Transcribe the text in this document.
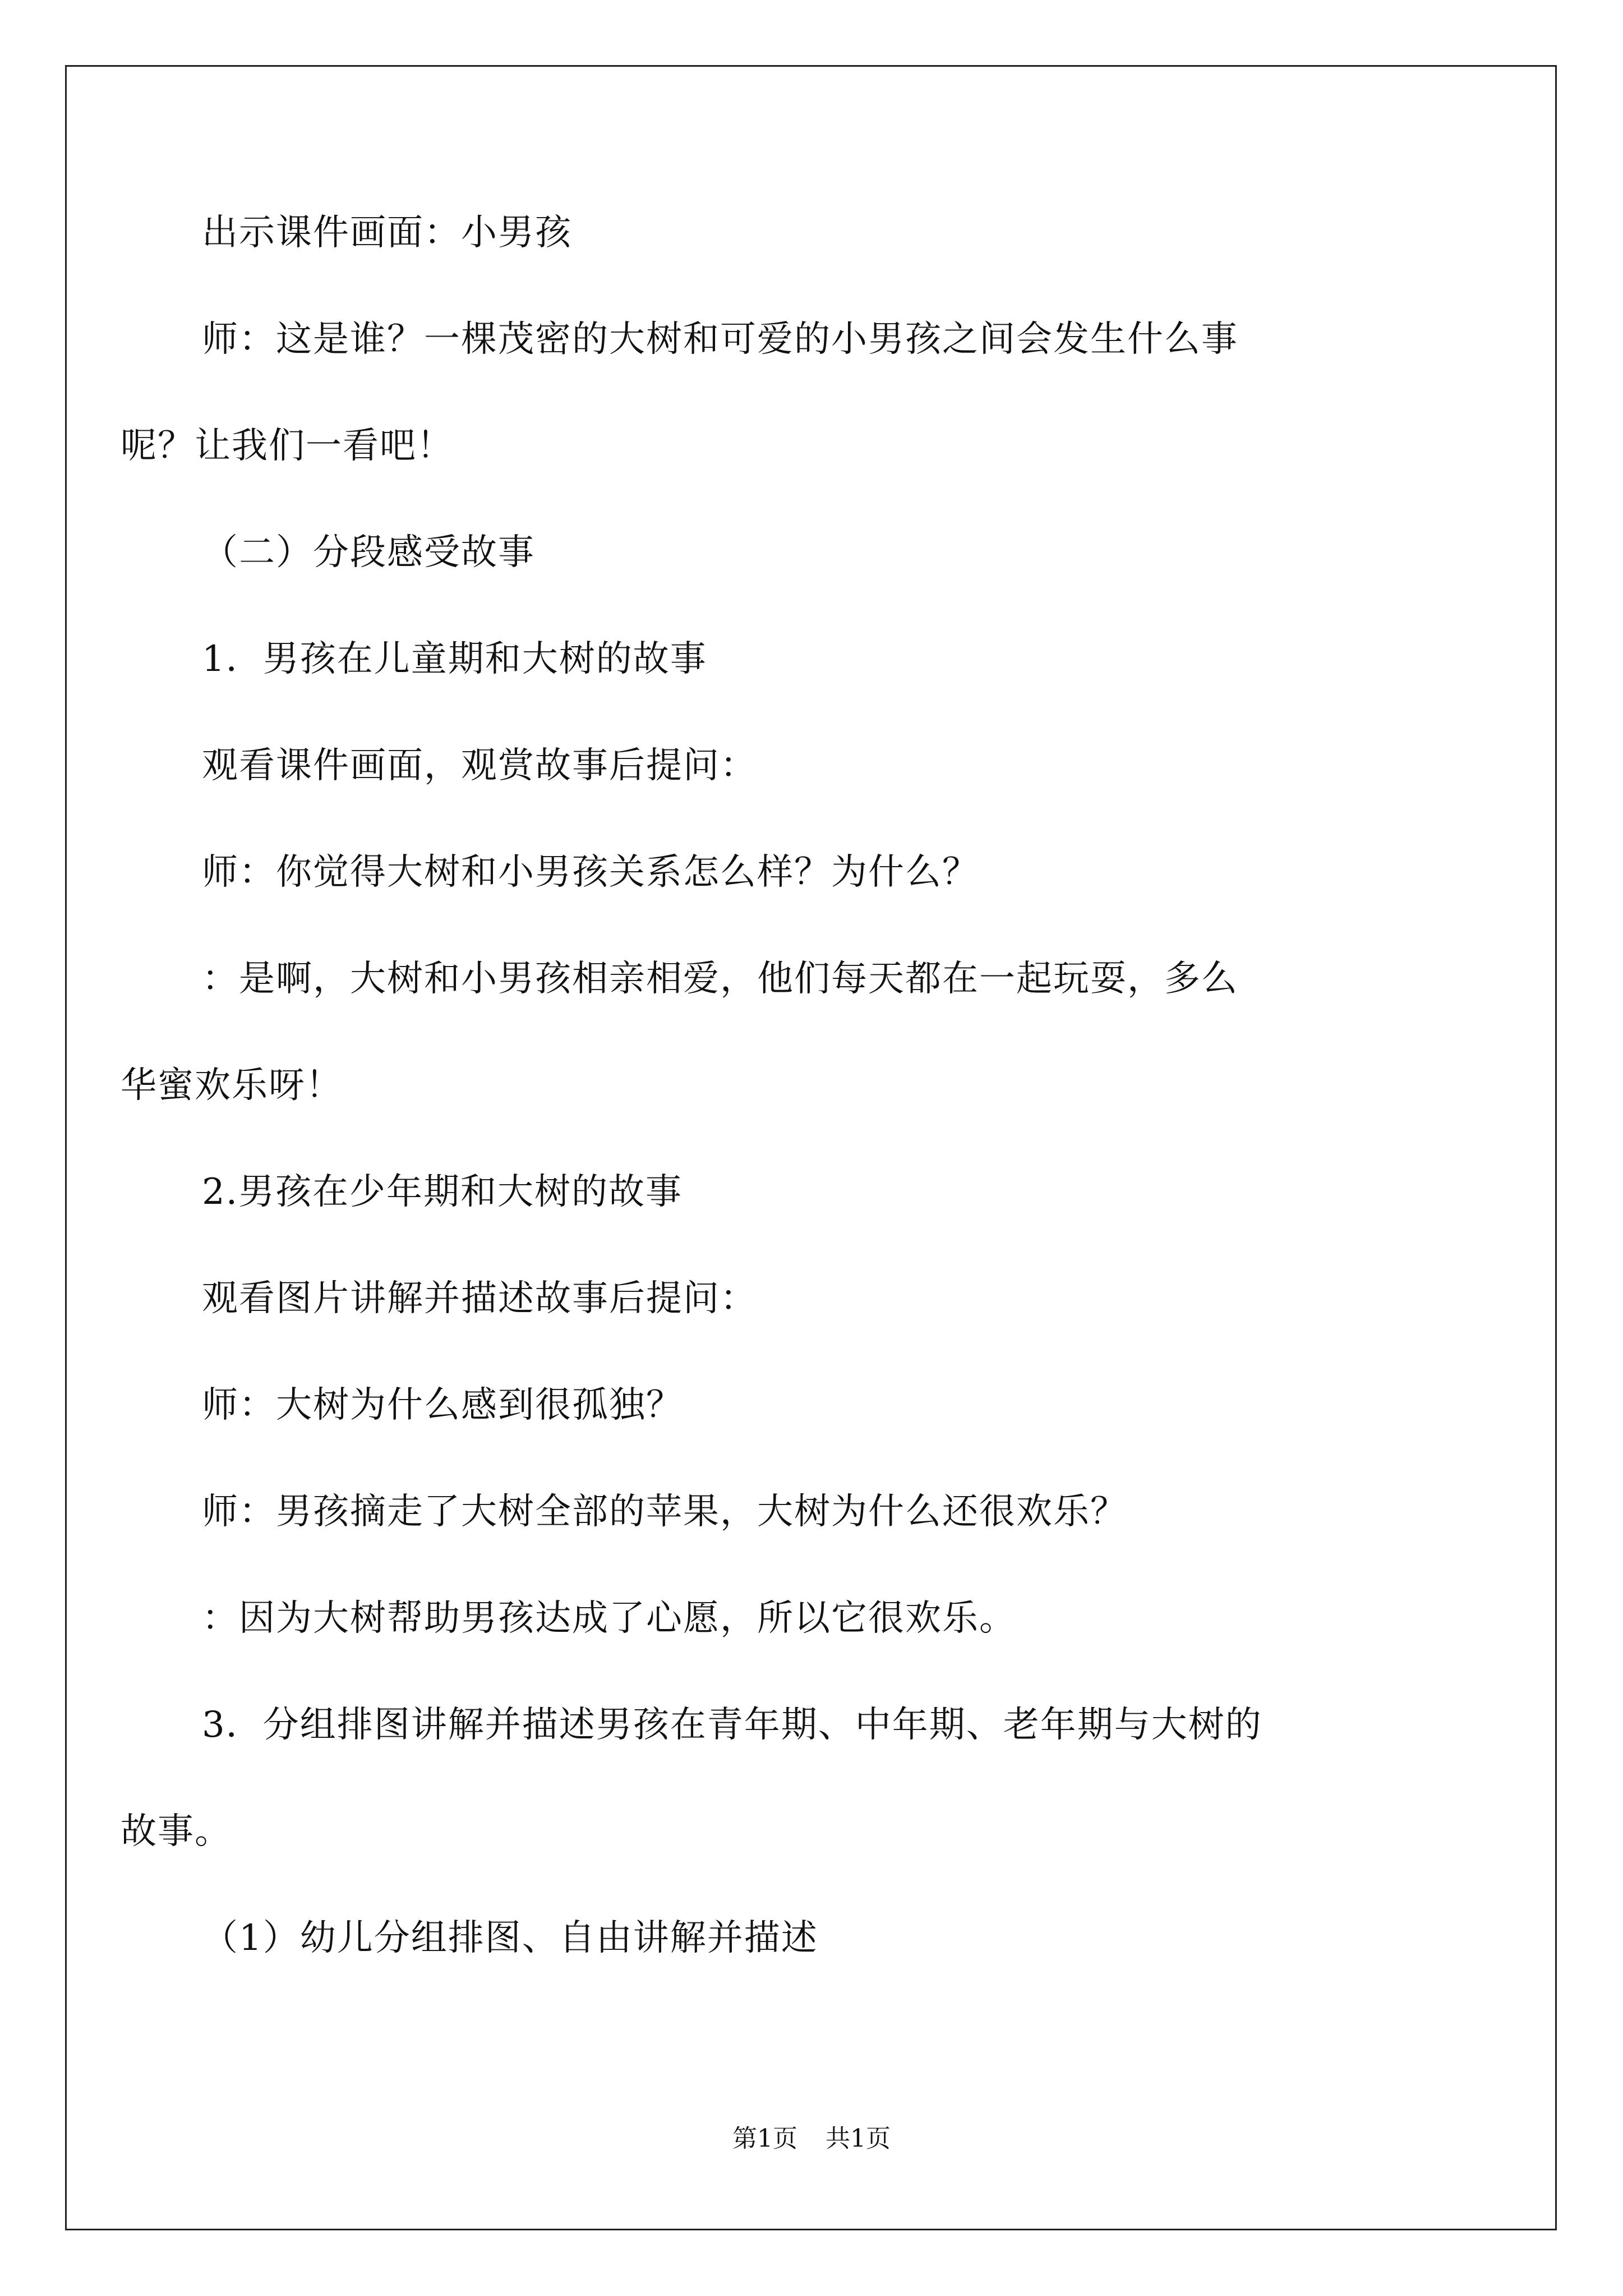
出示课件画面：小男孩
师：这是谁？一棵茂密的大树和可爱的小男孩之间会发生什么事
呢？让我们一看吧！
（二）分段感受故事
1．男孩在儿童期和大树的故事
观看课件画面，观赏故事后提问：
师：你觉得大树和小男孩关系怎么样？为什么？
：是啊，大树和小男孩相亲相爱，他们每天都在一起玩耍，多么
华蜜欢乐呀！
2.男孩在少年期和大树的故事
观看图片讲解并描述故事后提问：
师：大树为什么感到很孤独？
师：男孩摘走了大树全部的苹果，大树为什么还很欢乐？
：因为大树帮助男孩达成了心愿，所以它很欢乐。
3．分组排图讲解并描述男孩在青年期、中年期、老年期与大树的
故事。
（1）幼儿分组排图、自由讲解并描述
第1页 共1页
